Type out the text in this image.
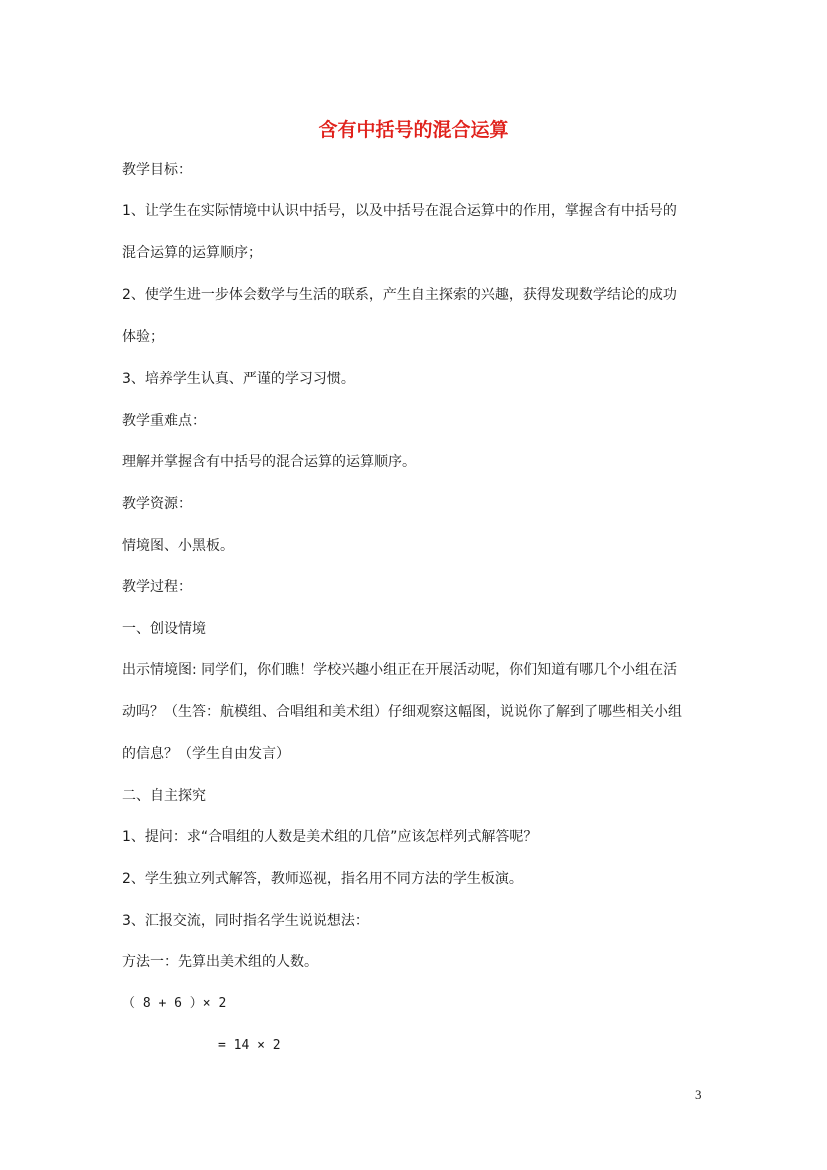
含有中括号的混合运算
教学目标：
1、让学生在实际情境中认识中括号，以及中括号在混合运算中的作用，掌握含有中括号的
混合运算的运算顺序；
2、使学生进一步体会数学与生活的联系，产生自主探索的兴趣，获得发现数学结论的成功
体验；
3、培养学生认真、严谨的学习习惯。
教学重难点：
理解并掌握含有中括号的混合运算的运算顺序。
教学资源：
情境图、小黑板。
教学过程：
一、创设情境
出示情境图: 同学们，你们瞧！学校兴趣小组正在开展活动呢，你们知道有哪几个小组在活
动吗？（生答：航模组、合唱组和美术组）仔细观察这幅图，说说你了解到了哪些相关小组
的信息？（学生自由发言）
二、自主探究
1、提问：求“合唱组的人数是美术组的几倍”应该怎样列式解答呢？
2、学生独立列式解答，教师巡视，指名用不同方法的学生板演。
3、汇报交流，同时指名学生说说想法：
方法一：先算出美术组的人数。
（ 8 + 6 ）× 2
= 14 × 2
3
